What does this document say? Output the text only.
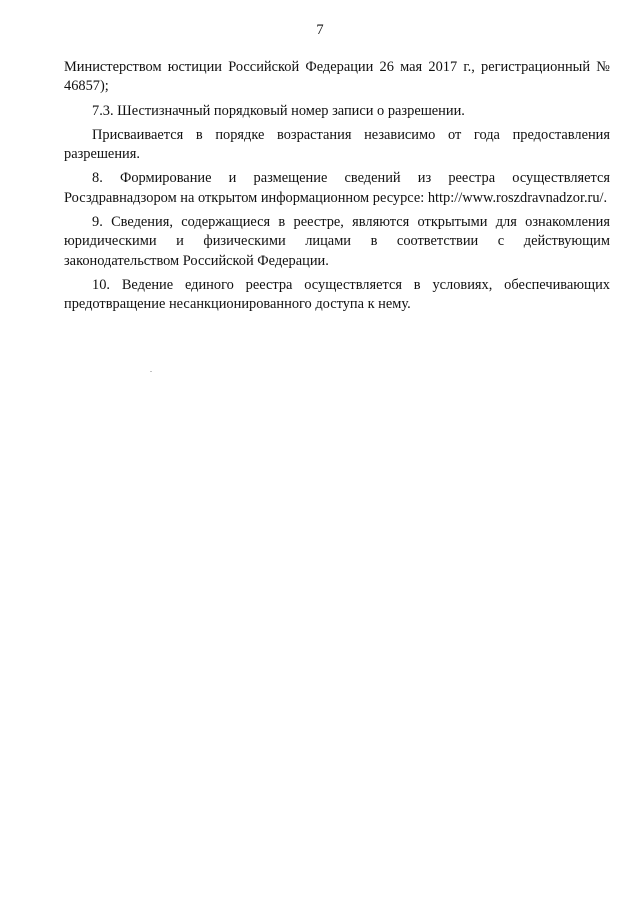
7

Министерством юстиции Российской Федерации 26 мая 2017 г., регистрационный № 46857);

7.3. Шестизначный порядковый номер записи о разрешении.

Присваивается в порядке возрастания независимо от года предоставления разрешения.

8. Формирование и размещение сведений из реестра осуществляется Росздравнадзором на открытом информационном ресурсе: http://www.roszdravnadzor.ru/.

9. Сведения, содержащиеся в реестре, являются открытыми для ознакомления юридическими и физическими лицами в соответствии с действующим законодательством Российской Федерации.

10. Ведение единого реестра осуществляется в условиях, обеспечивающих предотвращение несанкционированного доступа к нему.
